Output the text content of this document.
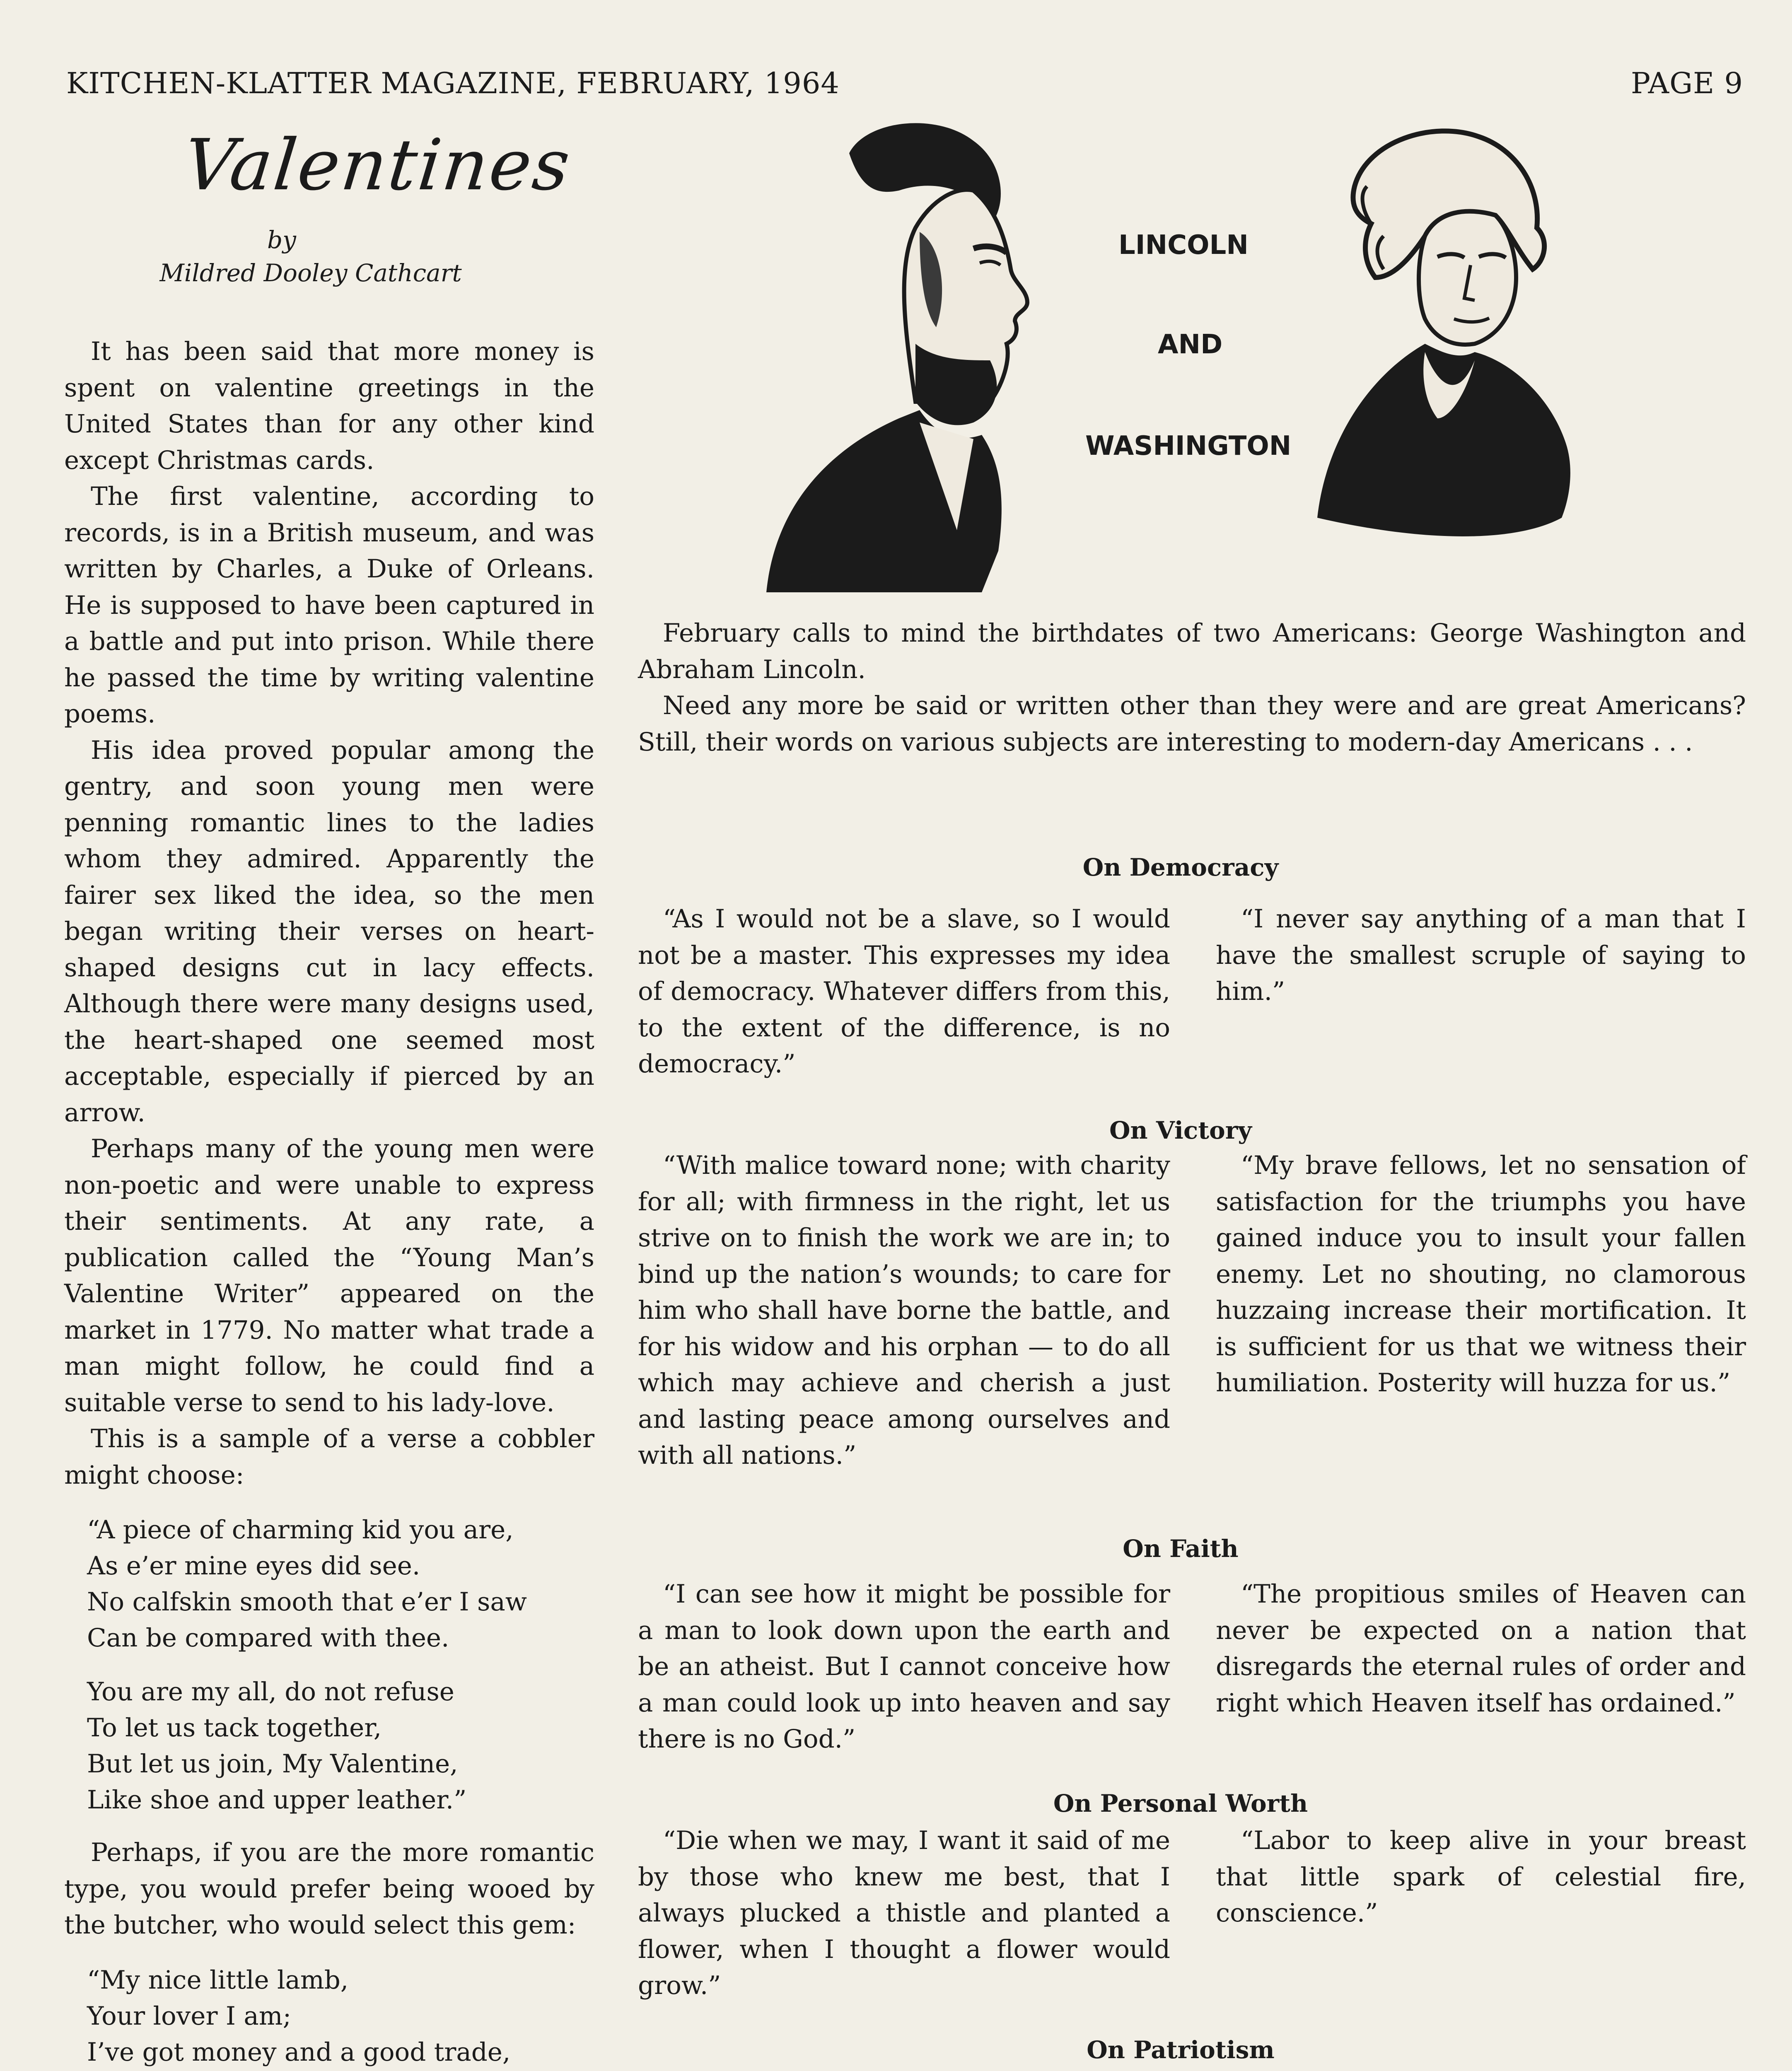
KITCHEN-KLATTER MAGAZINE, FEBRUARY, 1964	PAGE 9
Valentines
by
Mildred Dooley Cathcart

It has been said that more money is spent on valentine greetings in the United States than for any other kind except Christmas cards.

The first valentine, according to records, is in a British museum, and was written by Charles, a Duke of Orleans. He is supposed to have been captured in a battle and put into prison. While there he passed the time by writing valentine poems.

His idea proved popular among the gentry, and soon young men were penning romantic lines to the ladies whom they admired. Apparently the fairer sex liked the idea, so the men began writing their verses on heart-shaped designs cut in lacy effects. Although there were many designs used, the heart-shaped one seemed most acceptable, especially if pierced by an arrow.

Perhaps many of the young men were non-poetic and were unable to express their sentiments. At any rate, a publication called the “Young Man’s Valentine Writer” appeared on the market in 1779. No matter what trade a man might follow, he could find a suitable verse to send to his lady-love.

This is a sample of a verse a cobbler might choose:

“A piece of charming kid you are,
As e’er mine eyes did see.
No calfskin smooth that e’er I saw
Can be compared with thee.
You are my all, do not refuse
To let us tack together,
But let us join, My Valentine,
Like shoe and upper leather.”

Perhaps, if you are the more romantic type, you would prefer being wooed by the butcher, who would select this gem:

“My nice little lamb,
Your lover I am;
I’ve got money and a good trade,

LINCOLN
AND
WASHINGTON

February calls to mind the birthdates of two Americans: George Washington and Abraham Lincoln.

Need any more be said or written other than they were and are great Americans? Still, their words on various subjects are interesting to modern-day Americans . . .

On Democracy

“As I would not be a slave, so I would not be a master. This expresses my idea of democracy. Whatever differs from this, to the extent of the difference, is no democracy.”

“I never say anything of a man that I have the smallest scruple of saying to him.”

On Victory

“With malice toward none; with charity for all; with firmness in the right, let us strive on to finish the work we are in; to bind up the nation’s wounds; to care for him who shall have borne the battle, and for his widow and his orphan — to do all which may achieve and cherish a just and lasting peace among ourselves and with all nations.”

“My brave fellows, let no sensation of satisfaction for the triumphs you have gained induce you to insult your fallen enemy. Let no shouting, no clamorous huzzaing increase their mortification. It is sufficient for us that we witness their humiliation. Posterity will huzza for us.”

On Faith

“I can see how it might be possible for a man to look down upon the earth and be an atheist. But I cannot conceive how a man could look up into heaven and say there is no God.”

“The propitious smiles of Heaven can never be expected on a nation that disregards the eternal rules of order and right which Heaven itself has ordained.”

On Personal Worth

“Die when we may, I want it said of me by those who knew me best, that I always plucked a thistle and planted a flower, when I thought a flower would grow.”

“Labor to keep alive in your breast that little spark of celestial fire, conscience.”

On Patriotism
